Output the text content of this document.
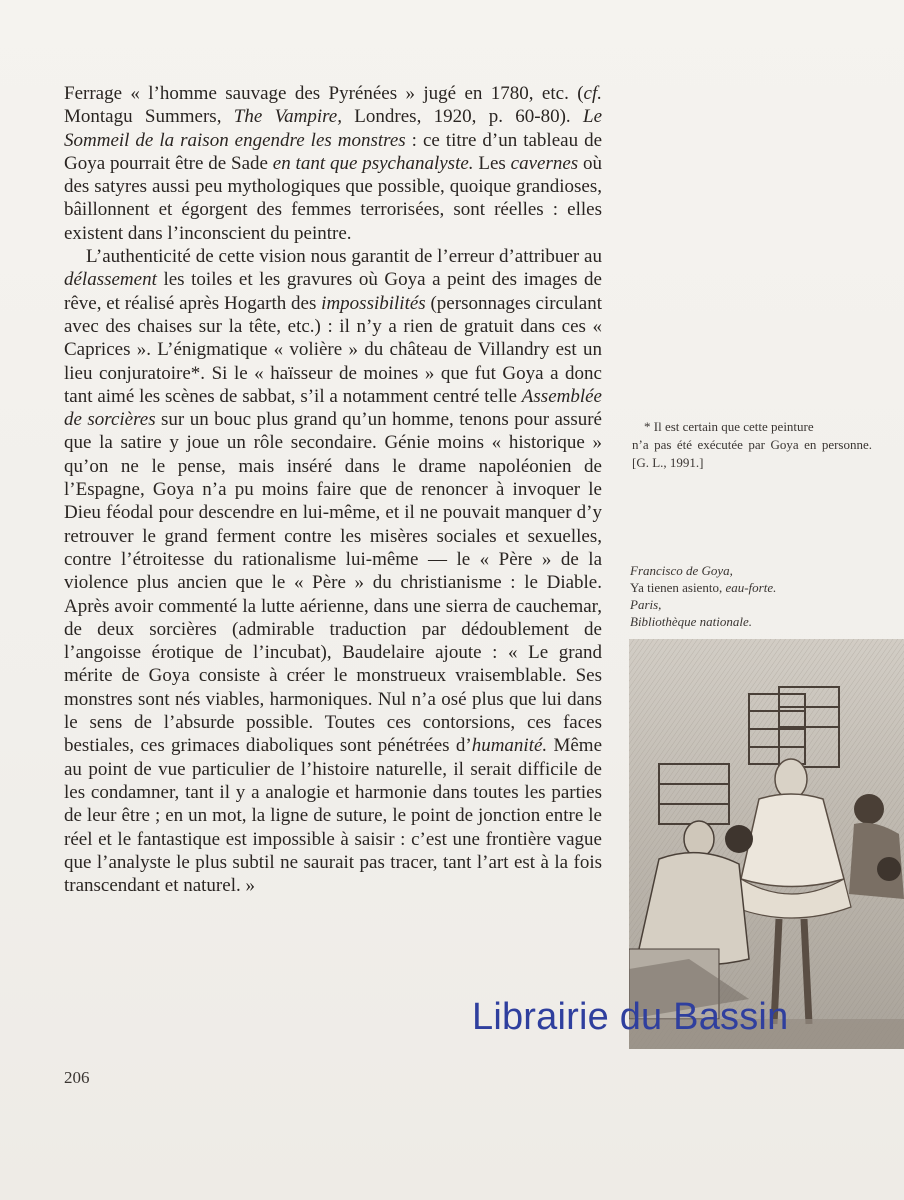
Ferrage « l’homme sauvage des Pyrénées » jugé en 1780, etc. (cf. Montagu Summers, The Vampire, Londres, 1920, p. 60-80). Le Sommeil de la raison engendre les monstres : ce titre d’un tableau de Goya pourrait être de Sade en tant que psychanalyste. Les cavernes où des satyres aussi peu mythologiques que possible, quoique grandioses, bâillonnent et égorgent des femmes terrorisées, sont réelles : elles existent dans l’inconscient du peintre.

L’authenticité de cette vision nous garantit de l’erreur d’attribuer au délassement les toiles et les gravures où Goya a peint des images de rêve, et réalisé après Hogarth des impossibilités (personnages circulant avec des chaises sur la tête, etc.) : il n’y a rien de gratuit dans ces « Caprices ». L’énigmatique « volière » du château de Villandry est un lieu conjuratoire*. Si le « haïsseur de moines » que fut Goya a donc tant aimé les scènes de sabbat, s’il a notamment centré telle Assemblée de sorcières sur un bouc plus grand qu’un homme, tenons pour assuré que la satire y joue un rôle secondaire. Génie moins « historique » qu’on ne le pense, mais inséré dans le drame napoléonien de l’Espagne, Goya n’a pu moins faire que de renoncer à invoquer le Dieu féodal pour descendre en lui-même, et il ne pouvait manquer d’y retrouver le grand ferment contre les misères sociales et sexuelles, contre l’étroitesse du rationalisme lui-même — le « Père » de la violence plus ancien que le « Père » du christianisme : le Diable. Après avoir commenté la lutte aérienne, dans une sierra de cauchemar, de deux sorcières (admirable traduction par dédoublement de l’angoisse érotique de l’incubat), Baudelaire ajoute : « Le grand mérite de Goya consiste à créer le monstrueux vraisemblable. Ses monstres sont nés viables, harmoniques. Nul n’a osé plus que lui dans le sens de l’absurde possible. Toutes ces contorsions, ces faces bestiales, ces grimaces diaboliques sont pénétrées d’humanité. Même au point de vue particulier de l’histoire naturelle, il serait difficile de les condamner, tant il y a analogie et harmonie dans toutes les parties de leur être ; en un mot, la ligne de suture, le point de jonction entre le réel et le fantastique est impossible à saisir : c’est une frontière vague que l’analyste le plus subtil ne saurait pas tracer, tant l’art est à la fois transcendant et naturel. »

* Il est certain que cette peinture
n’a pas été exécutée par Goya en personne. [G. L., 1991.]
Francisco de Goya,
Ya tienen asiento, eau-forte.
Paris,
Bibliothèque nationale.
Librairie du Bassin
206
